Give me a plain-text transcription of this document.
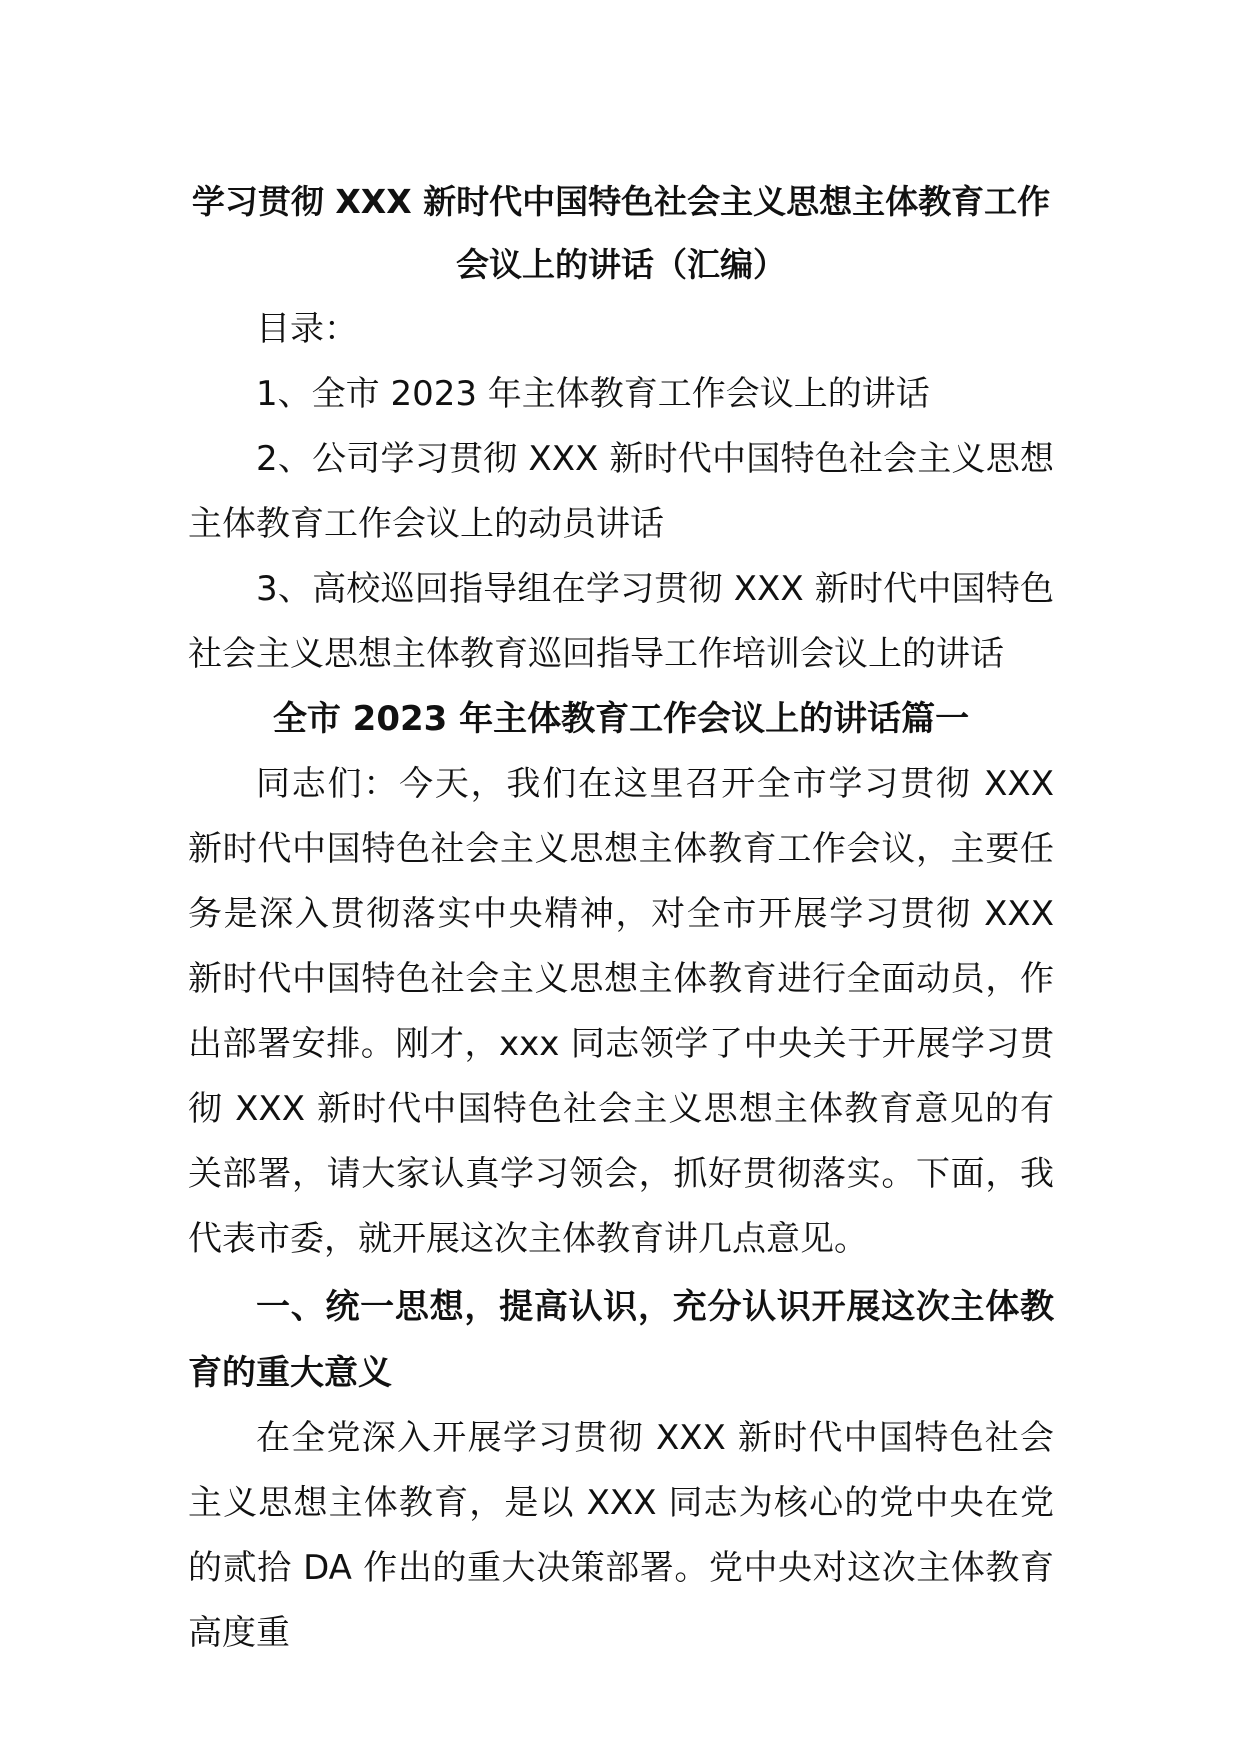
学习贯彻 XXX 新时代中国特色社会主义思想主体教育工作会议上的讲话（汇编）

目录：

1、全市 2023 年主体教育工作会议上的讲话

2、公司学习贯彻 XXX 新时代中国特色社会主义思想主体教育工作会议上的动员讲话

3、高校巡回指导组在学习贯彻 XXX 新时代中国特色社会主义思想主体教育巡回指导工作培训会议上的讲话

全市 2023 年主体教育工作会议上的讲话篇一

同志们：今天，我们在这里召开全市学习贯彻 XXX 新时代中国特色社会主义思想主体教育工作会议，主要任务是深入贯彻落实中央精神，对全市开展学习贯彻 XXX 新时代中国特色社会主义思想主体教育进行全面动员，作出部署安排。刚才，xxx 同志领学了中央关于开展学习贯彻 XXX 新时代中国特色社会主义思想主体教育意见的有关部署，请大家认真学习领会，抓好贯彻落实。下面，我代表市委，就开展这次主体教育讲几点意见。

一、统一思想，提高认识，充分认识开展这次主体教育的重大意义

在全党深入开展学习贯彻 XXX 新时代中国特色社会主义思想主体教育，是以 XXX 同志为核心的党中央在党的贰拾 DA 作出的重大决策部署。党中央对这次主体教育高度重
